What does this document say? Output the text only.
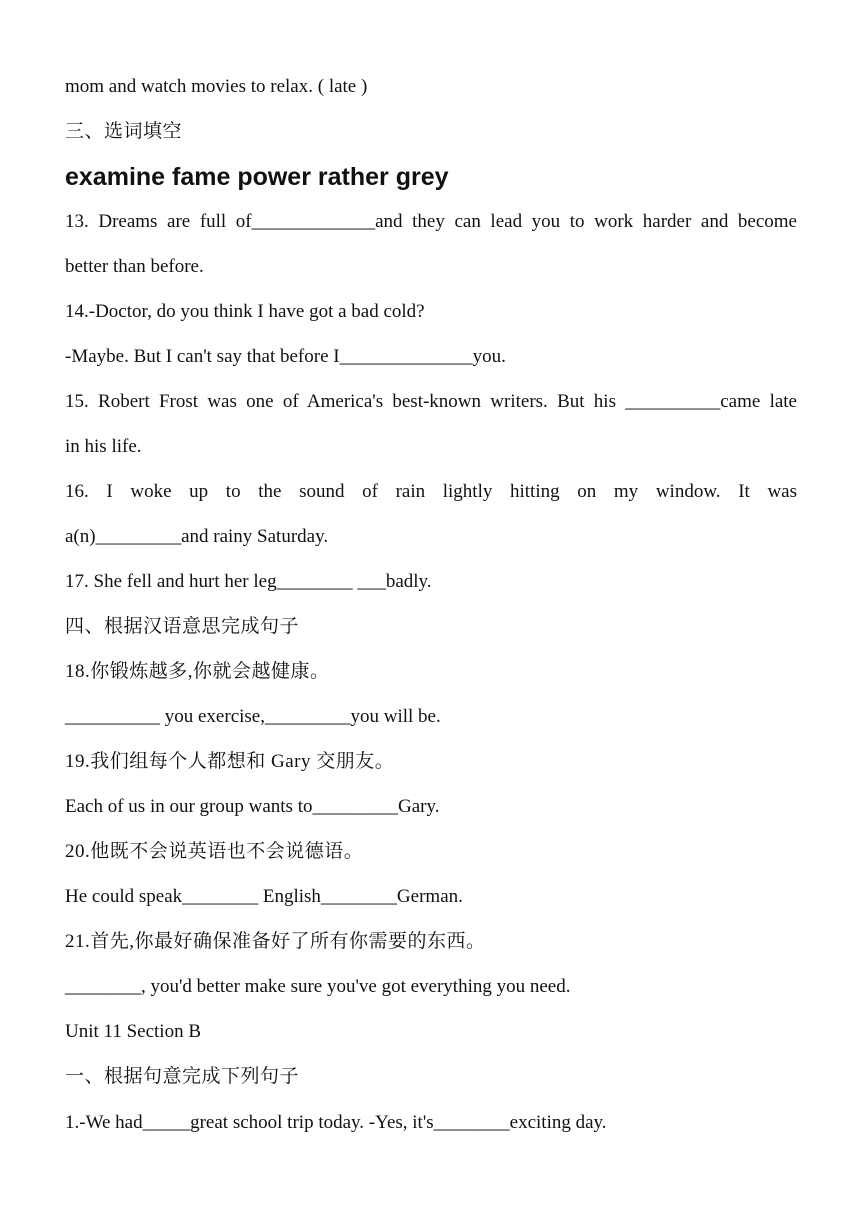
mom and watch movies to relax. ( late )
三、选词填空
examine fame power rather grey
13. Dreams are full of_____________and they can lead you to work harder and become
better than before.
14.-Doctor, do you think I have got a bad cold?
-Maybe. But I can't say that before I______________you.
15. Robert Frost was one of America's best-known writers. But his __________came late
in his life.
16. I woke up to the sound of rain lightly hitting on my window. It was
a(n)_________and rainy Saturday.
17. She fell and hurt her leg________ ___badly.
四、根据汉语意思完成句子
18.你锻炼越多,你就会越健康。
__________ you exercise,_________you will be.
19.我们组每个人都想和 Gary 交朋友。
Each of us in our group wants to_________Gary.
20.他既不会说英语也不会说德语。
He could speak________ English________German.
21.首先,你最好确保准备好了所有你需要的东西。
________, you'd better make sure you've got everything you need.
Unit 11 Section B
一、根据句意完成下列句子
1.-We had_____great school trip today. -Yes, it's________exciting day.
